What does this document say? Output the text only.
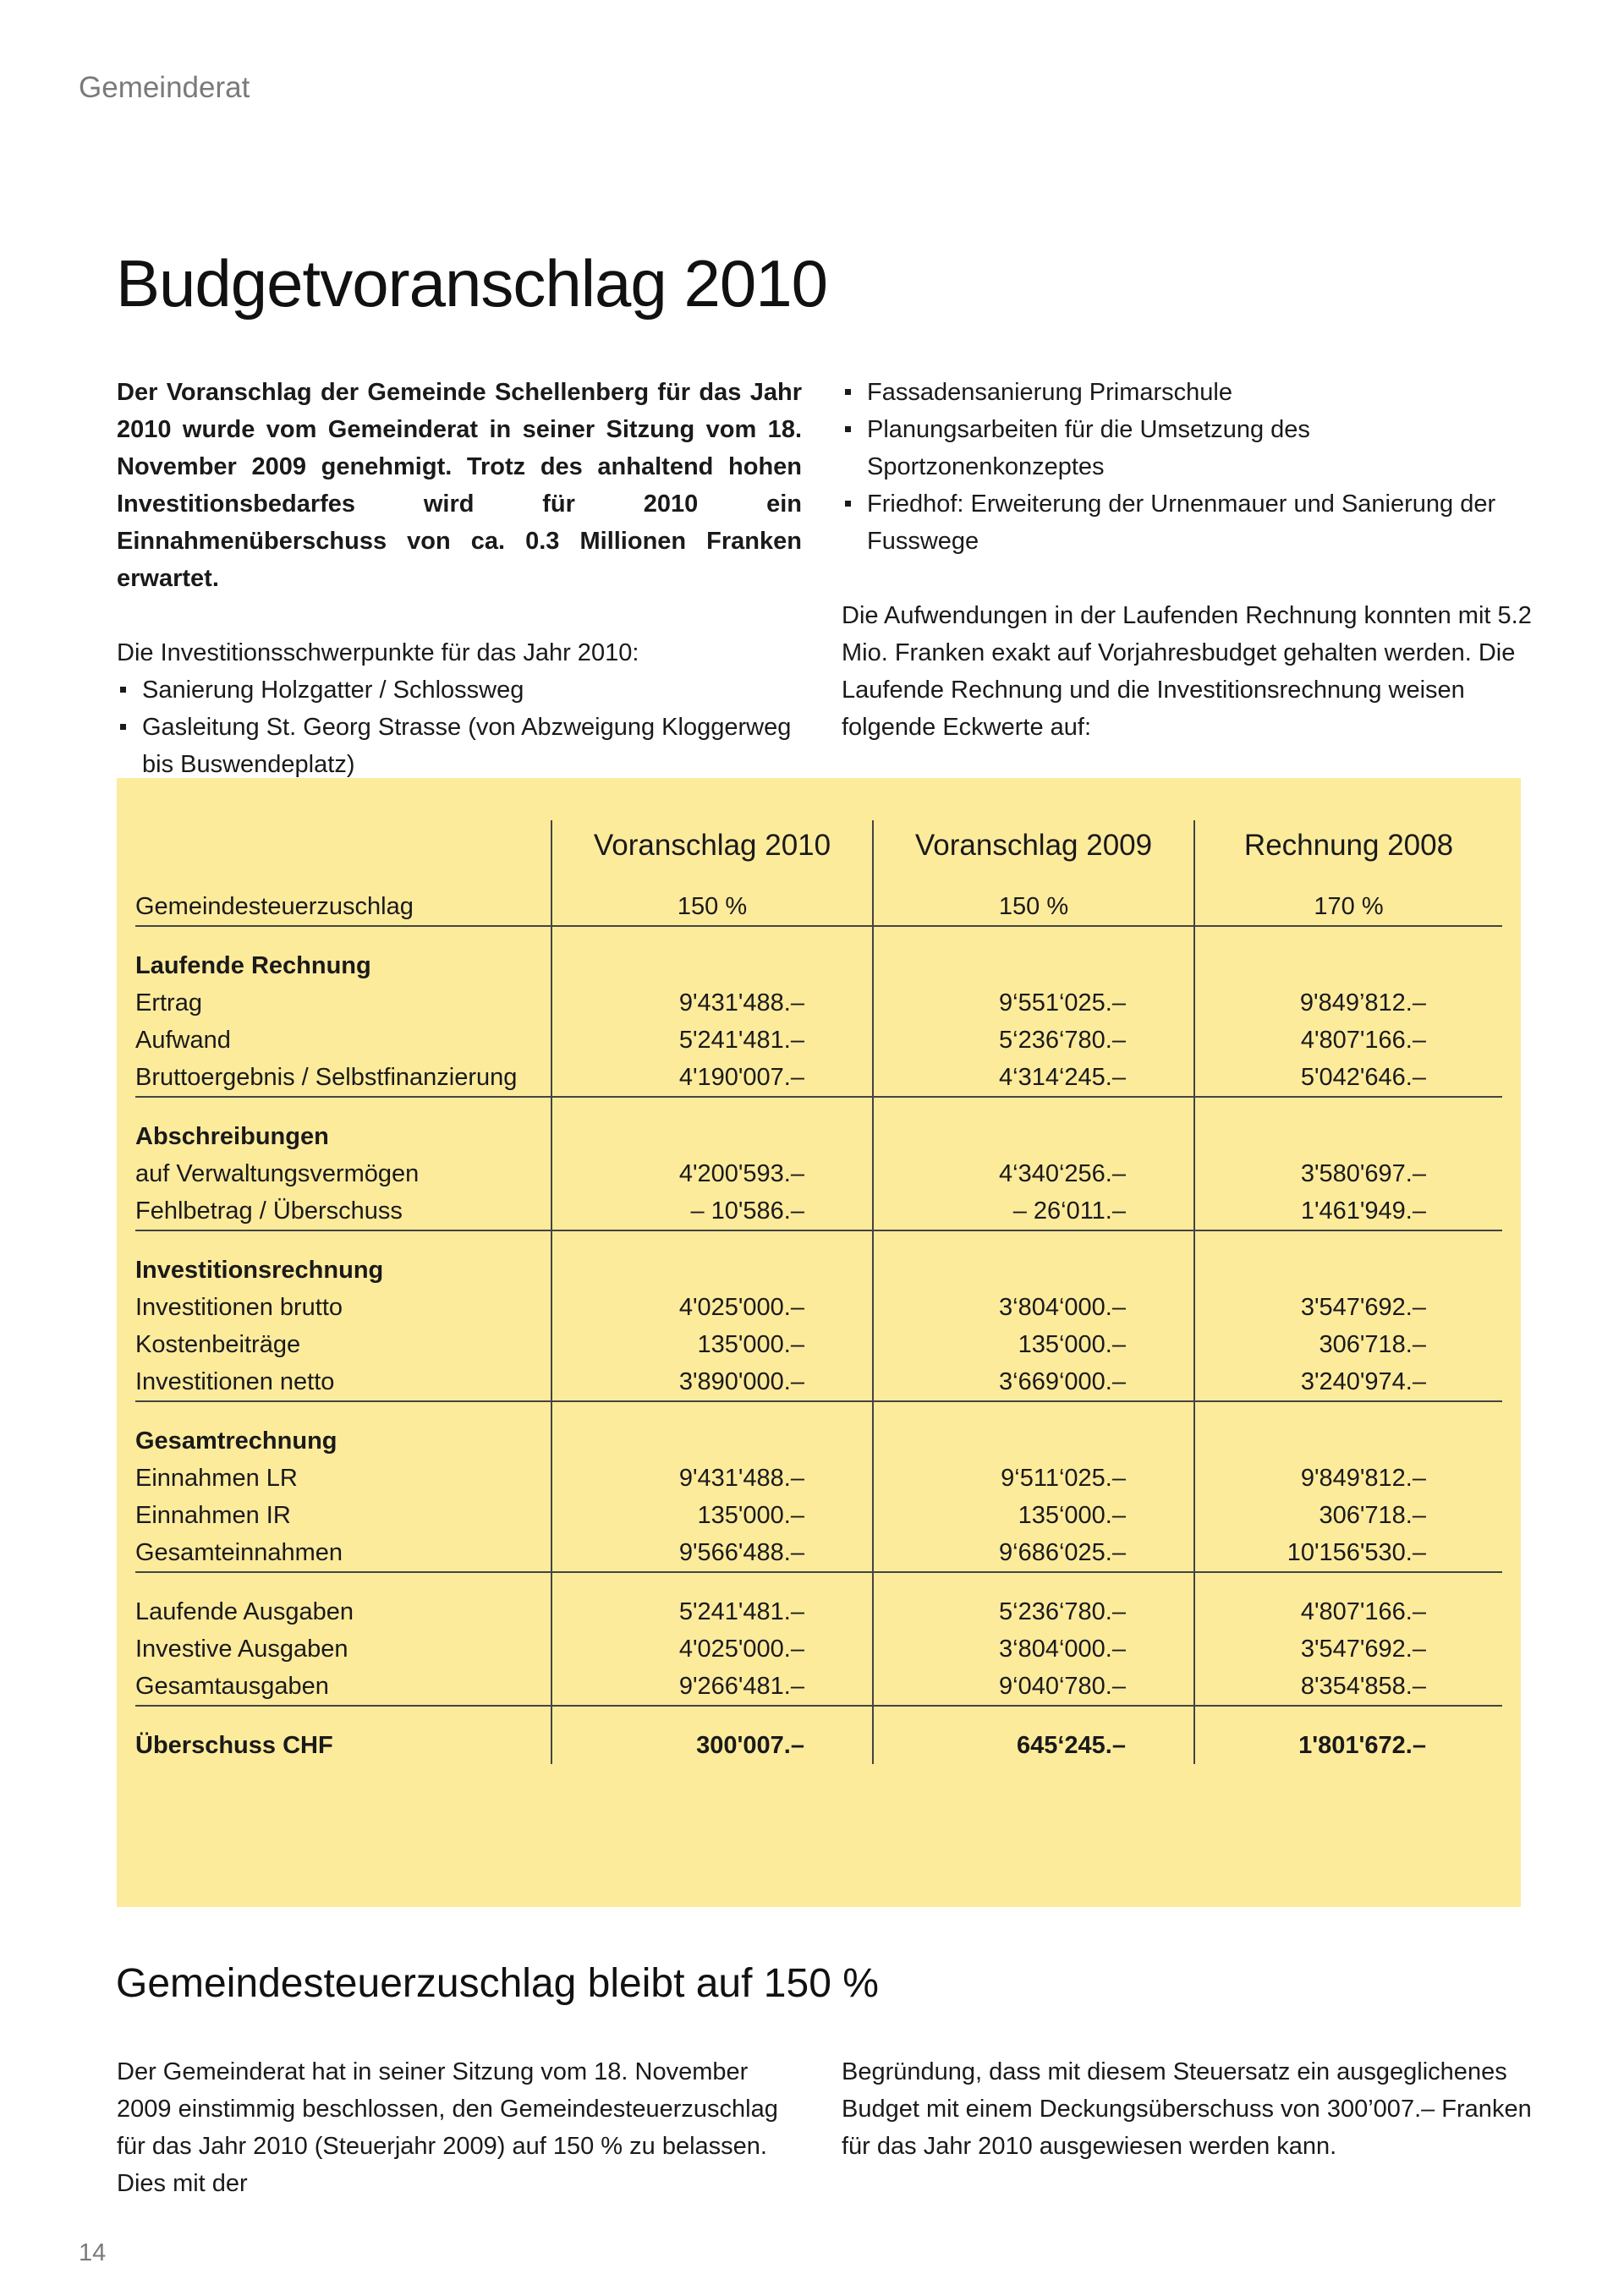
Gemeinderat
Budgetvoranschlag 2010

Der Voranschlag der Gemeinde Schellenberg für das Jahr 2010 wurde vom Gemeinderat in seiner Sitzung vom 18. November 2009 genehmigt. Trotz des anhaltend hohen Investitionsbedarfes wird für 2010 ein Einnahmenüberschuss von ca. 0.3 Millionen Franken erwartet.

Die Investitionsschwerpunkte für das Jahr 2010:

Sanierung Holzgatter / Schlossweg
Gasleitung St. Georg Strasse (von Abzweigung Kloggerweg bis Buswendeplatz)
Fassadensanierung Primarschule
Planungsarbeiten für die Umsetzung des Sportzonenkonzeptes
Friedhof: Erweiterung der Urnenmauer und Sanierung der Fusswege

Die Aufwendungen in der Laufenden Rechnung konnten mit 5.2 Mio. Franken exakt auf Vorjahresbudget gehalten werden. Die Laufende Rechnung und die Investitionsrechnung weisen folgende Eckwerte auf:

	Voranschlag 2010	Voranschlag 2009	Rechnung 2008

Gemeindesteuerzuschlag	150 %	150 %	170 %

Laufende Rechnung			
Ertrag	9'431'488.–	9‘551‘025.–	9'849’812.–
Aufwand	5'241'481.–	5‘236‘780.–	4'807'166.–
Bruttoergebnis / Selbstfinanzierung	4'190'007.–	4‘314‘245.–	5'042'646.–

Abschreibungen			
auf Verwaltungsvermögen	4'200'593.–	4‘340‘256.–	3'580'697.–
Fehlbetrag / Überschuss	– 10'586.–	– 26‘011.–	1'461'949.–

Investitionsrechnung			
Investitionen brutto	4'025'000.–	3‘804‘000.–	3'547'692.–
Kostenbeiträge	135'000.–	135‘000.–	306'718.–
Investitionen netto	3'890'000.–	3‘669‘000.–	3'240'974.–

Gesamtrechnung			
Einnahmen LR	9'431'488.–	9‘511‘025.–	9'849'812.–
Einnahmen IR	135'000.–	135‘000.–	306'718.–
Gesamteinnahmen	9'566'488.–	9‘686‘025.–	10'156'530.–

Laufende Ausgaben	5'241'481.–	5‘236‘780.–	4'807'166.–
Investive Ausgaben	4'025'000.–	3‘804‘000.–	3'547'692.–
Gesamtausgaben	9'266'481.–	9‘040‘780.–	8'354'858.–

Überschuss CHF	300'007.–	645‘245.–	1'801'672.–
Gemeindesteuerzuschlag bleibt auf 150 %

Der Gemeinderat hat in seiner Sitzung vom 18. November 2009 einstimmig beschlossen, den Gemeindesteuerzuschlag für das Jahr 2010 (Steuerjahr 2009) auf 150 % zu belassen. Dies mit der

Begründung, dass mit diesem Steuersatz ein ausgeglichenes Budget mit einem Deckungsüberschuss von 300’007.– Franken für das Jahr 2010 ausgewiesen werden kann.

14
